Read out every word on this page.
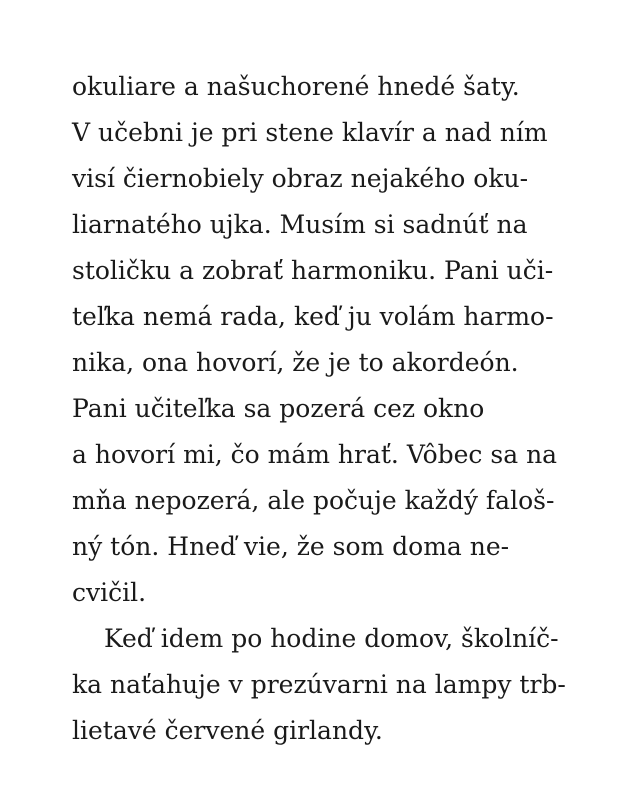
okuliare a našuchorené hnedé šaty.
V učebni je pri stene klavír a nad ním
visí čiernobiely obraz nejakého oku-
liarnatého ujka. Musím si sadnúť na
stoličku a zobrať harmoniku. Pani uči-
teľka nemá rada, keď ju volám harmo-
nika, ona hovorí, že je to akordeón.
Pani učiteľka sa pozerá cez okno
a hovorí mi, čo mám hrať. Vôbec sa na
mňa nepozerá, ale počuje každý faloš-
ný tón. Hneď vie, že som doma ne-
cvičil.
Keď idem po hodine domov, školníč-
ka naťahuje v prezúvarni na lampy trb-
lietavé červené girlandy.
